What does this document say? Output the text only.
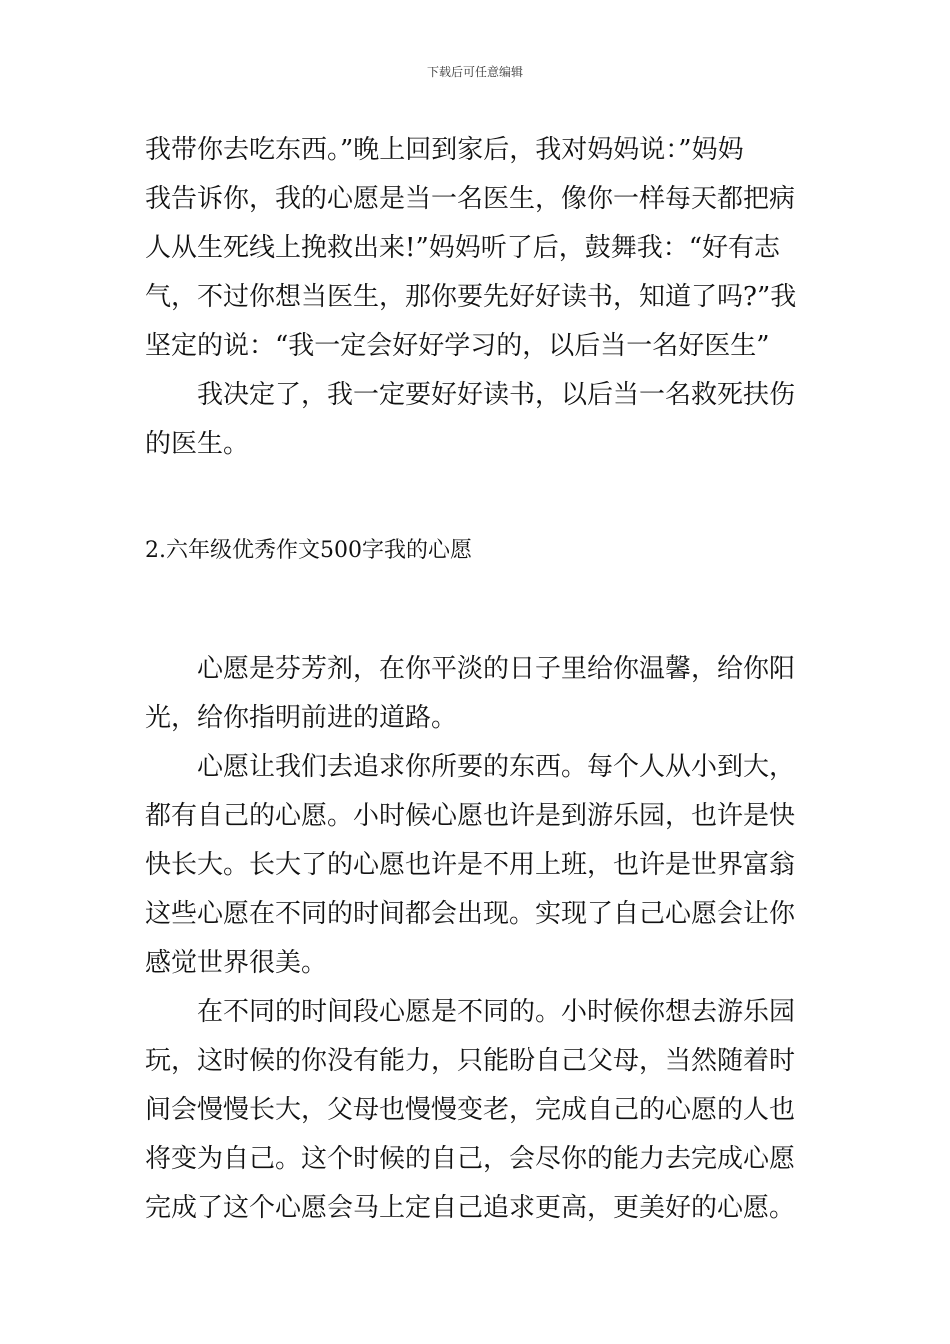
下载后可任意编辑
我带你去吃东西。”晚上回到家后，我对妈妈说：”妈妈
我告诉你，我的心愿是当一名医生，像你一样每天都把病
人从生死线上挽救出来!”妈妈听了后，鼓舞我：“好有志
气，不过你想当医生，那你要先好好读书，知道了吗?”我
坚定的说：“我一定会好好学习的，以后当一名好医生”
我决定了，我一定要好好读书，以后当一名救死扶伤
的医生。
2.六年级优秀作文500字我的心愿
心愿是芬芳剂，在你平淡的日子里给你温馨，给你阳
光，给你指明前进的道路。
心愿让我们去追求你所要的东西。每个人从小到大，
都有自己的心愿。小时候心愿也许是到游乐园，也许是快
快长大。长大了的心愿也许是不用上班，也许是世界富翁
这些心愿在不同的时间都会出现。实现了自己心愿会让你
感觉世界很美。
在不同的时间段心愿是不同的。小时候你想去游乐园
玩，这时候的你没有能力，只能盼自己父母，当然随着时
间会慢慢长大，父母也慢慢变老，完成自己的心愿的人也
将变为自己。这个时候的自己，会尽你的能力去完成心愿
完成了这个心愿会马上定自己追求更高，更美好的心愿。
